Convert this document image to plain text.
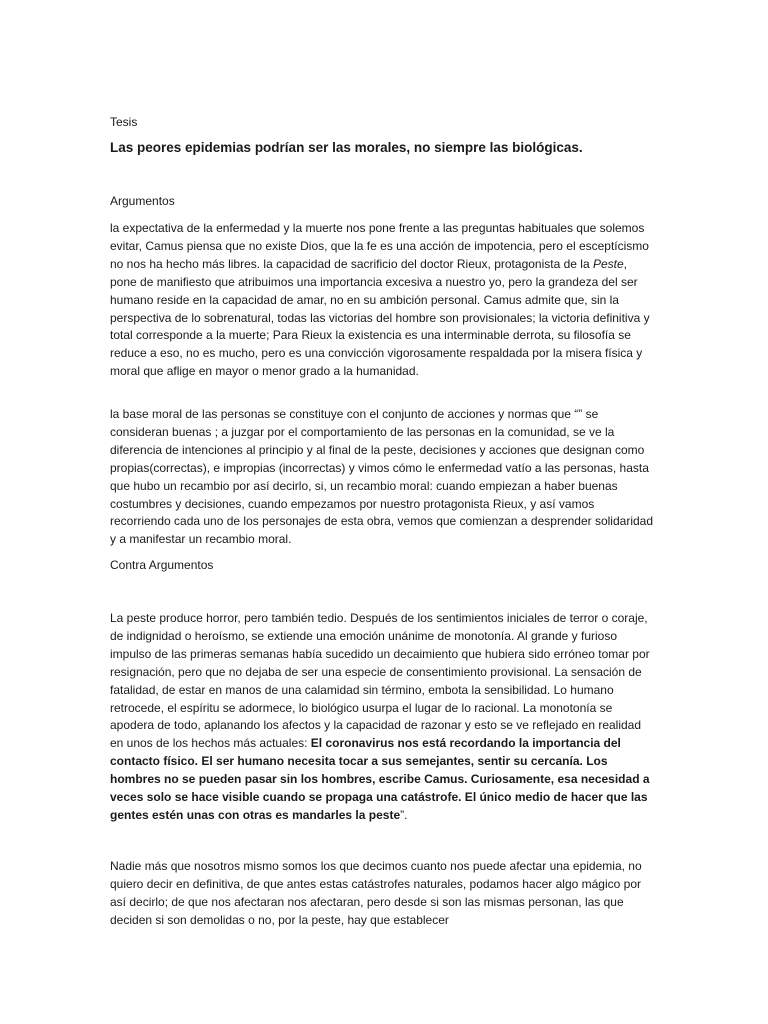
Tesis
Las peores epidemias podrían ser las morales, no siempre las biológicas.
Argumentos
la expectativa de la enfermedad y la muerte nos pone frente a las preguntas habituales que solemos evitar, Camus piensa que no existe Dios, que la fe es una acción de impotencia, pero el esceptícismo no nos ha hecho más libres. la capacidad de sacrificio del doctor Rieux, protagonista de la Peste, pone de manifiesto que atribuimos una importancia excesiva a nuestro yo, pero la grandeza del ser humano reside en la capacidad de amar, no en su ambición personal. Camus admite que, sin la perspectiva de lo sobrenatural, todas las victorias del hombre son provisionales; la victoria definitiva y total corresponde a la muerte; Para Rieux la existencia es una interminable derrota, su filosofía se reduce a eso, no es mucho, pero es una convicción vigorosamente respaldada por la misera física y moral que aflige en mayor o menor grado a la humanidad.
la base moral de las personas se constituye con el conjunto de acciones y normas que “” se consideran buenas ; a juzgar por el comportamiento de las personas en la comunidad, se ve la diferencia de intenciones al principio y al final de la peste, decisiones y acciones que designan como propias(correctas), e impropias (incorrectas) y vimos cómo le enfermedad vatío a las personas, hasta que hubo un recambio por así decirlo, si, un recambio moral: cuando empiezan a haber buenas costumbres y decisiones, cuando empezamos por nuestro protagonista Rieux, y así vamos recorriendo cada uno de los personajes de esta obra, vemos que comienzan a desprender solidaridad y a manifestar un recambio moral.
Contra Argumentos
La peste produce horror, pero también tedio. Después de los sentimientos iniciales de terror o coraje, de indignidad o heroísmo, se extiende una emoción unánime de monotonía. Al grande y furioso impulso de las primeras semanas había sucedido un decaimiento que hubiera sido erróneo tomar por resignación, pero que no dejaba de ser una especie de consentimiento provisional. La sensación de fatalidad, de estar en manos de una calamidad sin término, embota la sensibilidad. Lo humano retrocede, el espíritu se adormece, lo biológico usurpa el lugar de lo racional. La monotonía se apodera de todo, aplanando los afectos y la capacidad de razonar y esto se ve reflejado en realidad en unos de los hechos más actuales: El coronavirus nos está recordando la importancia del contacto físico. El ser humano necesita tocar a sus semejantes, sentir su cercanía. Los hombres no se pueden pasar sin los hombres, escribe Camus. Curiosamente, esa necesidad a veces solo se hace visible cuando se propaga una catástrofe. El único medio de hacer que las gentes estén unas con otras es mandarles la peste”.
Nadie más que nosotros mismo somos los que decimos cuanto nos puede afectar una epidemia, no quiero decir en definitiva, de que antes estas catástrofes naturales, podamos hacer algo mágico por así decirlo; de que nos afectaran nos afectaran, pero desde si son las mismas personan, las que deciden si son demolidas o no, por la peste, hay que establecer
